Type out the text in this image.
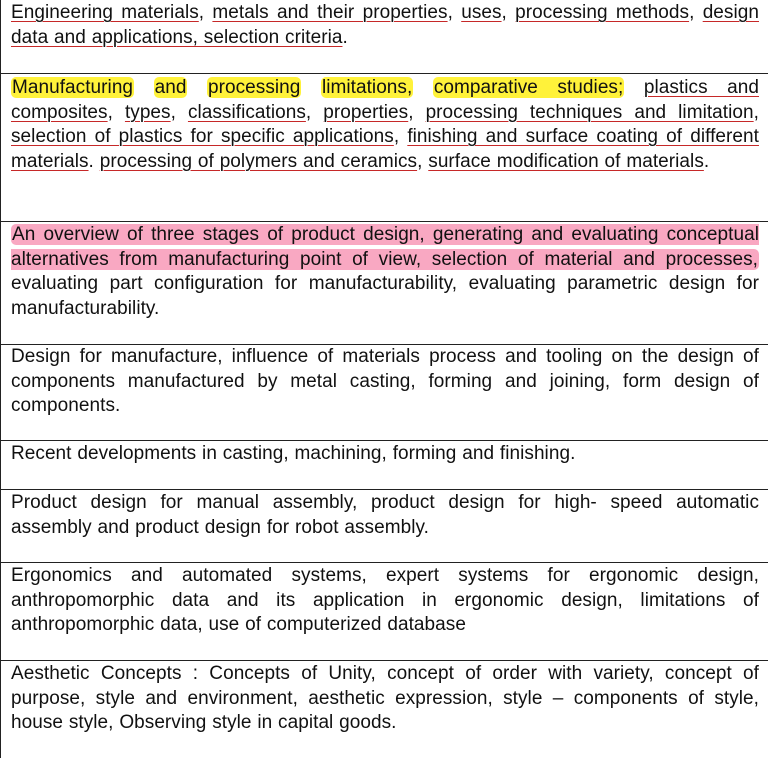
Engineering materials, metals and their properties, uses, processing methods, design data and applications, selection criteria.

Manufacturing and processing limitations, comparative studies; plastics and composites, types, classifications, properties, processing techniques and limitation, selection of plastics for specific applications, finishing and surface coating of different materials. processing of polymers and ceramics, surface modification of materials.

An overview of three stages of product design, generating and evaluating conceptual alternatives from manufacturing point of view, selection of material and processes, evaluating part configuration for manufacturability, evaluating parametric design for manufacturability.

Design for manufacture, influence of materials process and tooling on the design of components manufactured by metal casting, forming and joining, form design of components.

Recent developments in casting, machining, forming and finishing.

Product design for manual assembly, product design for high- speed automatic assembly and product design for robot assembly.

Ergonomics and automated systems, expert systems for ergonomic design, anthropomorphic data and its application in ergonomic design, limitations of anthropomorphic data, use of computerized database

Aesthetic Concepts : Concepts of Unity, concept of order with variety, concept of purpose, style and environment, aesthetic expression, style – components of style, house style, Observing style in capital goods.
